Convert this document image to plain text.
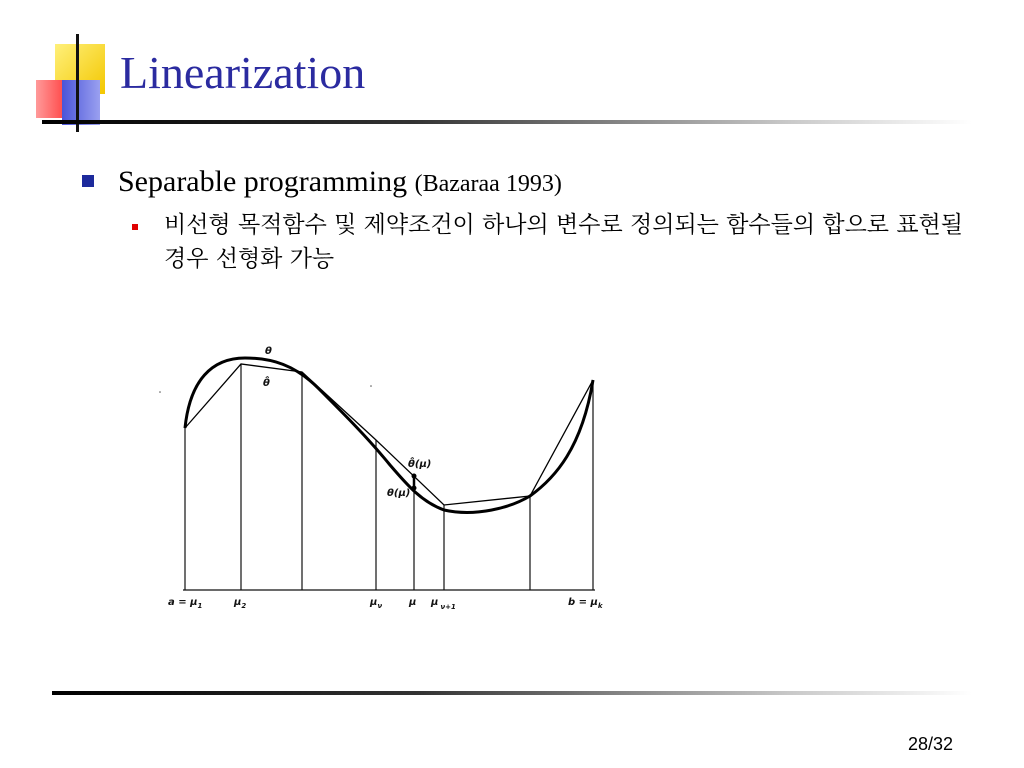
Linearization
Separable programming (Bazaraa 1993)
비선형 목적함수 및 제약조건이 하나의 변수로 정의되는 함수들의 합으로 표현될 경우 선형화 가능
θ
θ̂
θ̂(μ)
θ(μ)
$a = \mu_1$	$\mu_2$	$\mu_\nu$	μ μ $_{\nu+1}$	$b = \mu_k$
28/32
